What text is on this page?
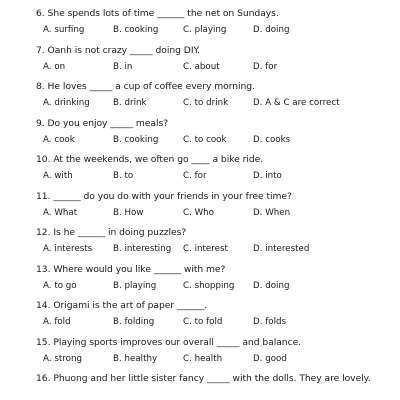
6. She spends lots of time ______ the net on Sundays.
A. surfing	B. cooking	C. playing	D. doing
7. Oanh is not crazy _____ doing DIY.
A. on	B. in	C. about	D. for
8. He loves _____ a cup of coffee every morning.
A. drinking	B. drink	C. to drink	D. A & C are correct
9. Do you enjoy _____ meals?
A. cook	B. cooking	C. to cook	D. cooks
10. At the weekends, we often go ____ a bike ride.
A. with	B. to	C. for	D. into
11. ______ do you do with your friends in your free time?
A. What	B. How	C. Who	D. When
12. Is he ______ in doing puzzles?
A. interests	B. interesting	C. interest	D. interested
13. Where would you like ______ with me?
A. to go	B. playing	C. shopping	D. doing
14. Origami is the art of paper ______.
A. fold	B. folding	C. to fold	D. folds
15. Playing sports improves our overall _____ and balance.
A. strong	B. healthy	C. health	D. good
16. Phuong and her little sister fancy _____ with the dolls. They are lovely.
